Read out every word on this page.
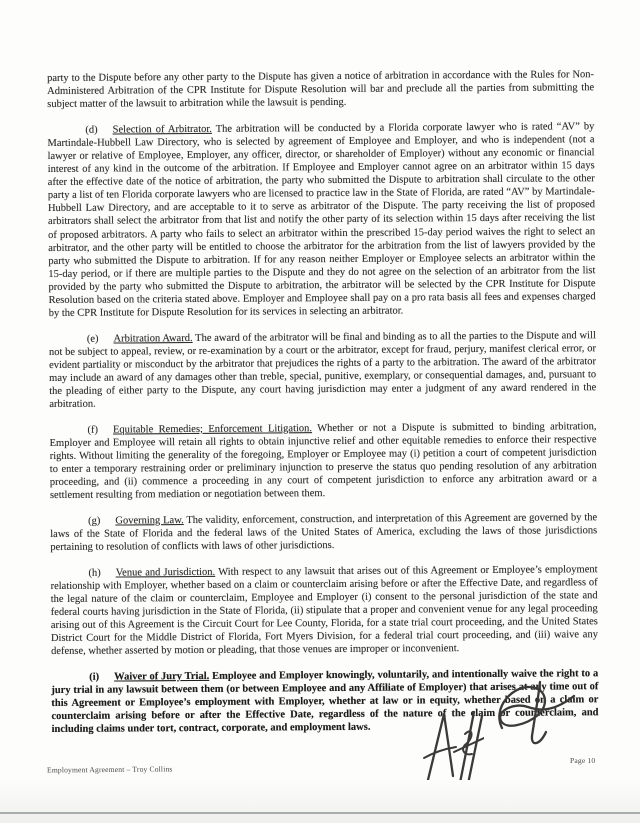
party to the Dispute before any other party to the Dispute has given a notice of arbitration in accordance with the Rules for Non-Administered Arbitration of the CPR Institute for Dispute Resolution will bar and preclude all the parties from submitting the subject matter of the lawsuit to arbitration while the lawsuit is pending.

(d) Selection of Arbitrator. The arbitration will be conducted by a Florida corporate lawyer who is rated “AV” by Martindale-Hubbell Law Directory, who is selected by agreement of Employee and Employer, and who is independent (not a lawyer or relative of Employee, Employer, any officer, director, or shareholder of Employer) without any economic or financial interest of any kind in the outcome of the arbitration. If Employee and Employer cannot agree on an arbitrator within 15 days after the effective date of the notice of arbitration, the party who submitted the Dispute to arbitration shall circulate to the other party a list of ten Florida corporate lawyers who are licensed to practice law in the State of Florida, are rated “AV” by Martindale-Hubbell Law Directory, and are acceptable to it to serve as arbitrator of the Dispute. The party receiving the list of proposed arbitrators shall select the arbitrator from that list and notify the other party of its selection within 15 days after receiving the list of proposed arbitrators. A party who fails to select an arbitrator within the prescribed 15-day period waives the right to select an arbitrator, and the other party will be entitled to choose the arbitrator for the arbitration from the list of lawyers provided by the party who submitted the Dispute to arbitration. If for any reason neither Employer or Employee selects an arbitrator within the 15-day period, or if there are multiple parties to the Dispute and they do not agree on the selection of an arbitrator from the list provided by the party who submitted the Dispute to arbitration, the arbitrator will be selected by the CPR Institute for Dispute Resolution based on the criteria stated above. Employer and Employee shall pay on a pro rata basis all fees and expenses charged by the CPR Institute for Dispute Resolution for its services in selecting an arbitrator.

(e) Arbitration Award. The award of the arbitrator will be final and binding as to all the parties to the Dispute and will not be subject to appeal, review, or re-examination by a court or the arbitrator, except for fraud, perjury, manifest clerical error, or evident partiality or misconduct by the arbitrator that prejudices the rights of a party to the arbitration. The award of the arbitrator may include an award of any damages other than treble, special, punitive, exemplary, or consequential damages, and, pursuant to the pleading of either party to the Dispute, any court having jurisdiction may enter a judgment of any award rendered in the arbitration.

(f) Equitable Remedies; Enforcement Litigation. Whether or not a Dispute is submitted to binding arbitration, Employer and Employee will retain all rights to obtain injunctive relief and other equitable remedies to enforce their respective rights. Without limiting the generality of the foregoing, Employer or Employee may (i) petition a court of competent jurisdiction to enter a temporary restraining order or preliminary injunction to preserve the status quo pending resolution of any arbitration proceeding, and (ii) commence a proceeding in any court of competent jurisdiction to enforce any arbitration award or a settlement resulting from mediation or negotiation between them.

(g) Governing Law. The validity, enforcement, construction, and interpretation of this Agreement are governed by the laws of the State of Florida and the federal laws of the United States of America, excluding the laws of those jurisdictions pertaining to resolution of conflicts with laws of other jurisdictions.

(h) Venue and Jurisdiction. With respect to any lawsuit that arises out of this Agreement or Employee’s employment relationship with Employer, whether based on a claim or counterclaim arising before or after the Effective Date, and regardless of the legal nature of the claim or counterclaim, Employee and Employer (i) consent to the personal jurisdiction of the state and federal courts having jurisdiction in the State of Florida, (ii) stipulate that a proper and convenient venue for any legal proceeding arising out of this Agreement is the Circuit Court for Lee County, Florida, for a state trial court proceeding, and the United States District Court for the Middle District of Florida, Fort Myers Division, for a federal trial court proceeding, and (iii) waive any defense, whether asserted by motion or pleading, that those venues are improper or inconvenient.

(i) Waiver of Jury Trial. Employee and Employer knowingly, voluntarily, and intentionally waive the right to a jury trial in any lawsuit between them (or between Employee and any Affiliate of Employer) that arises at any time out of this Agreement or Employee’s employment with Employer, whether at law or in equity, whether based on a claim or counterclaim arising before or after the Effective Date, regardless of the nature of the claim or counterclaim, and including claims under tort, contract, corporate, and employment laws.

Employment Agreement – Troy Collins
Page 10
